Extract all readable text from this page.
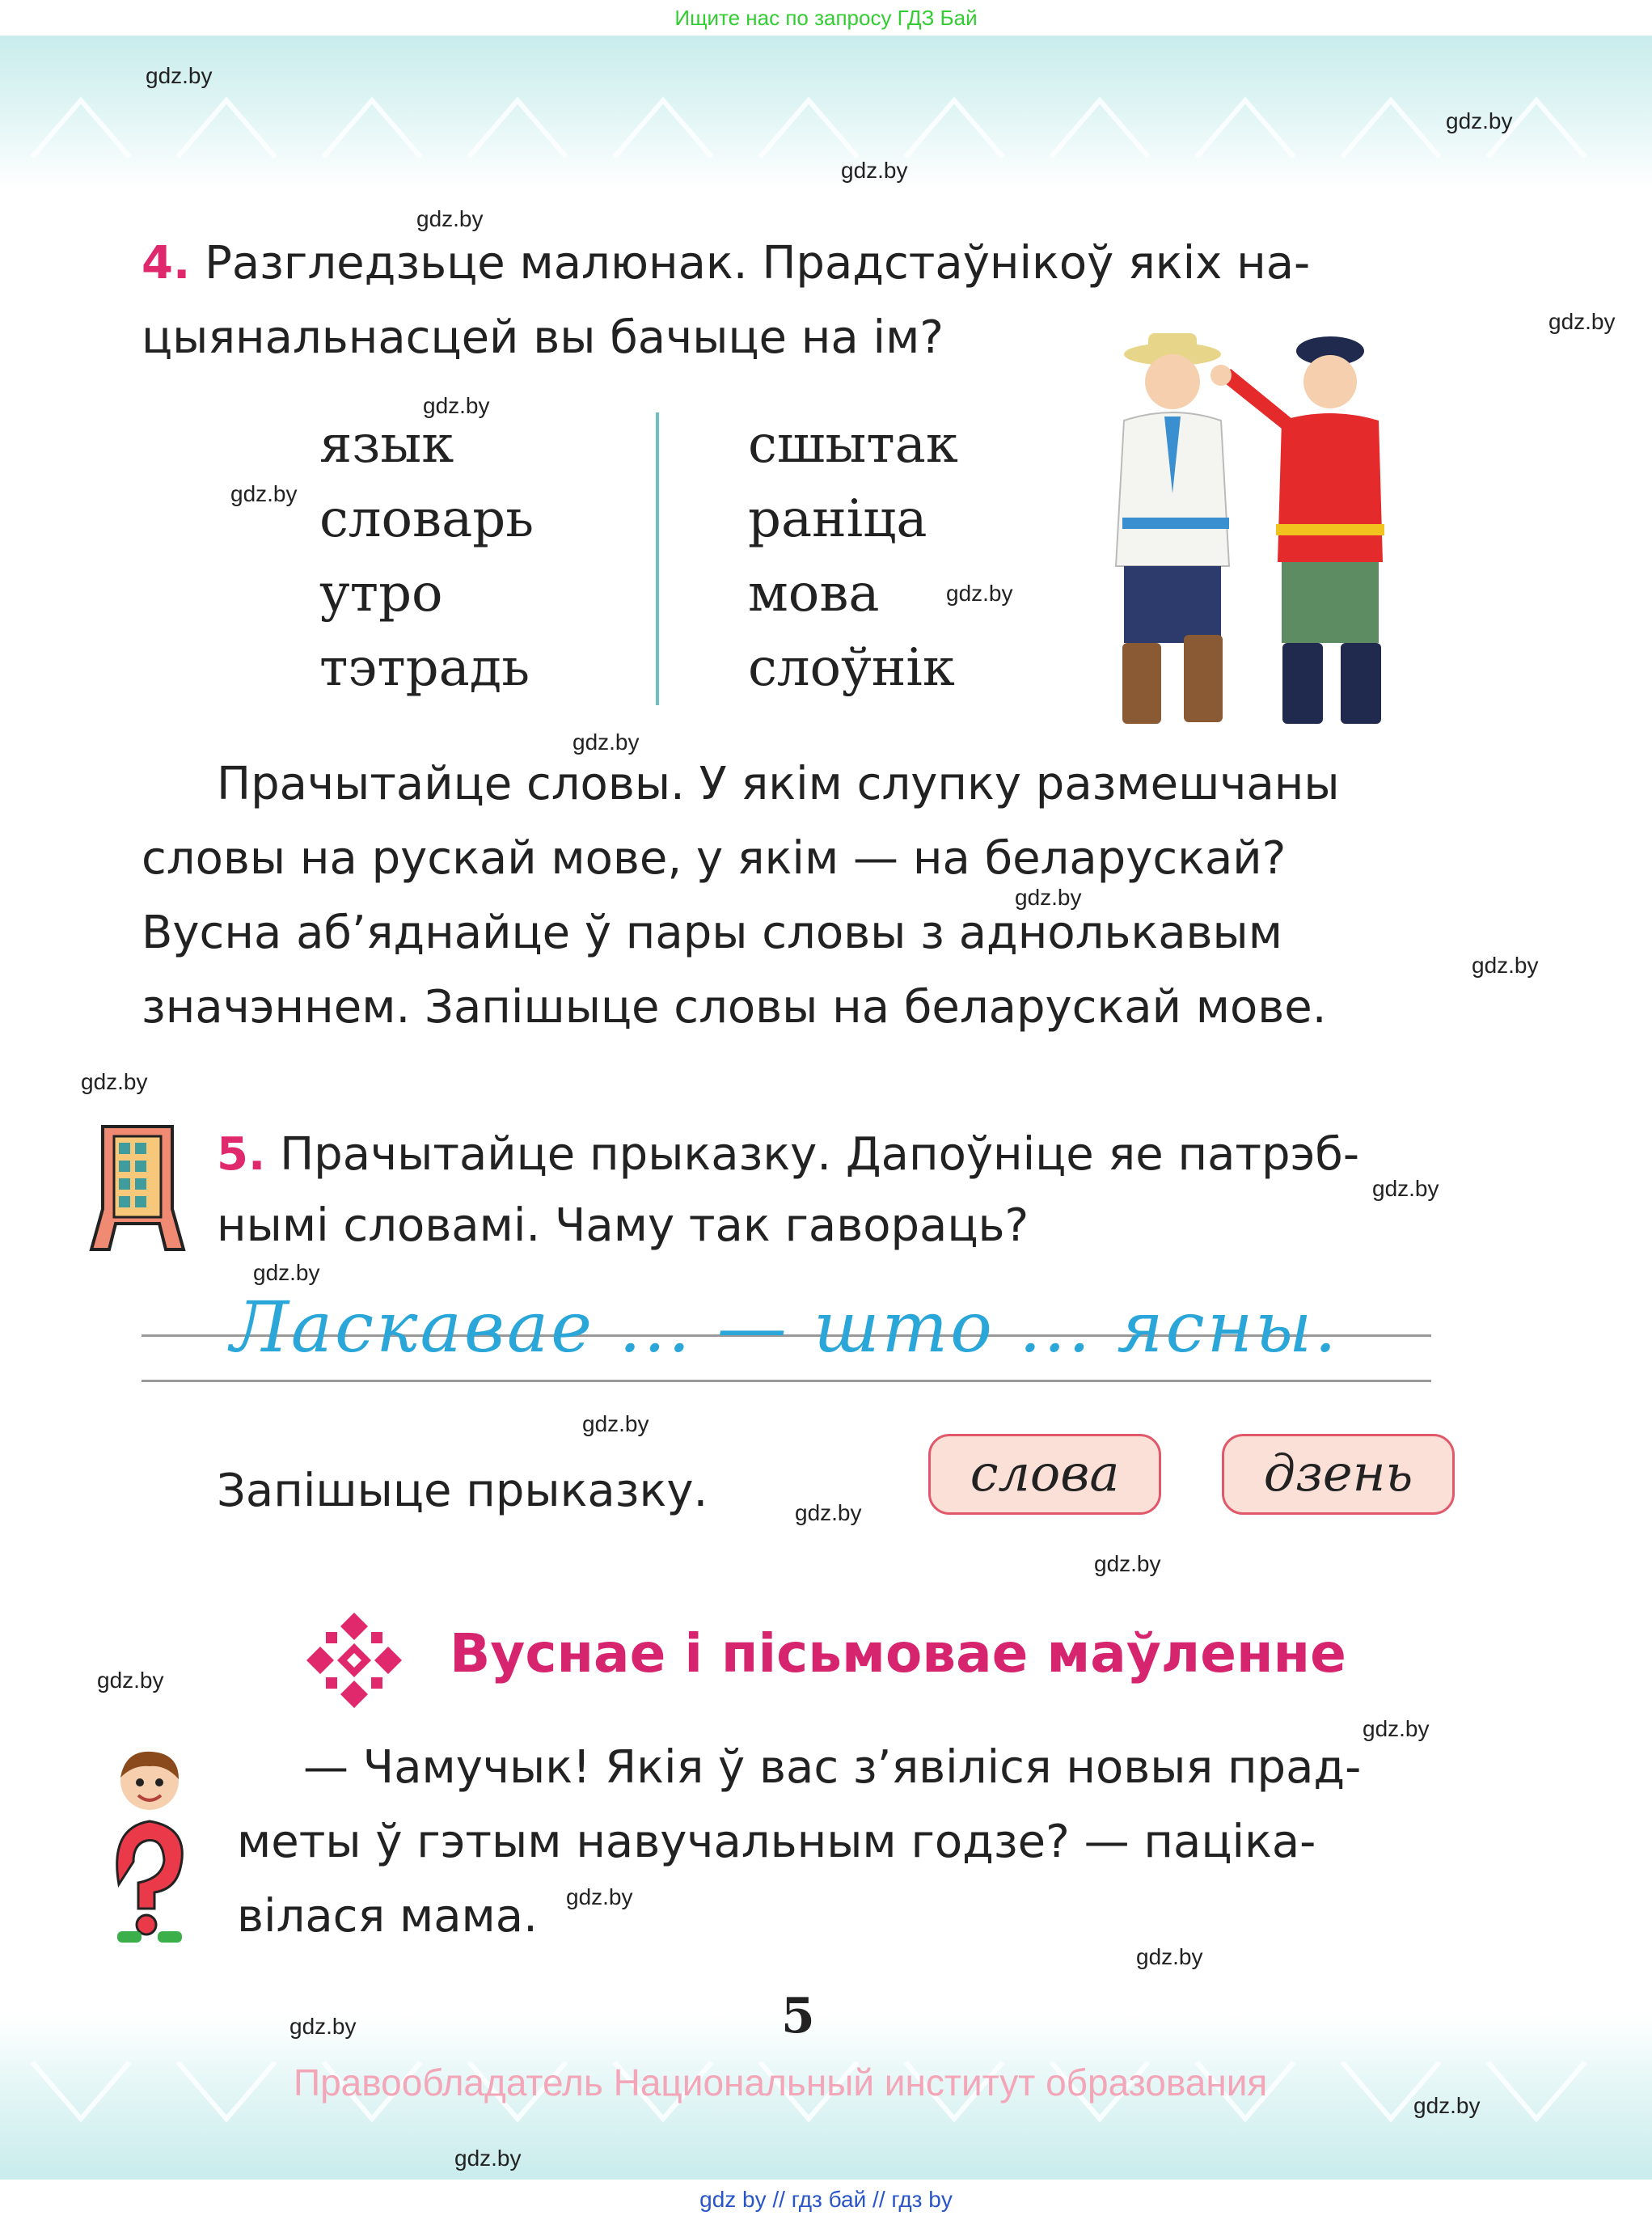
Ищите нас по запросу ГДЗ Бай
gdz.by
gdz.by
gdz.by
gdz.by
gdz.by
gdz.by
gdz.by
gdz.by
gdz.by
gdz.by
gdz.by
gdz.by
gdz.by
gdz.by
gdz.by
gdz.by
gdz.by
gdz.by
gdz.by
gdz.by
gdz.by
gdz.by
gdz.by
gdz.by
4. Разгледзьце малюнак. Прадстаўнікоў якіх на-
цыянальнасцей вы бачыце на ім?
язык
словарь
утро
тэтрадь
сшытак
раніца
мова
слоўнік
Прачытайце словы. У якім слупку размешчаны
словы на рускай мове, у якім — на беларускай?
Вусна аб’яднайце ў пары словы з аднолькавым
значэннем. Запішыце словы на беларускай мове.
5. Прачытайце прыказку. Дапоўніце яе патрэб-
нымі словамі. Чаму так гавораць?
Ласкавае ... — што ... ясны.
Запішыце прыказку.	слова	дзень
Вуснае і пісьмовае маўленне
— Чамучык! Якія ў вас з’явіліся новыя прад-
меты ў гэтым навучальным годзе? — паціка-
вілася мама.
5
Правообладатель Национальный институт образования
gdz by // гдз бай // гдз by
